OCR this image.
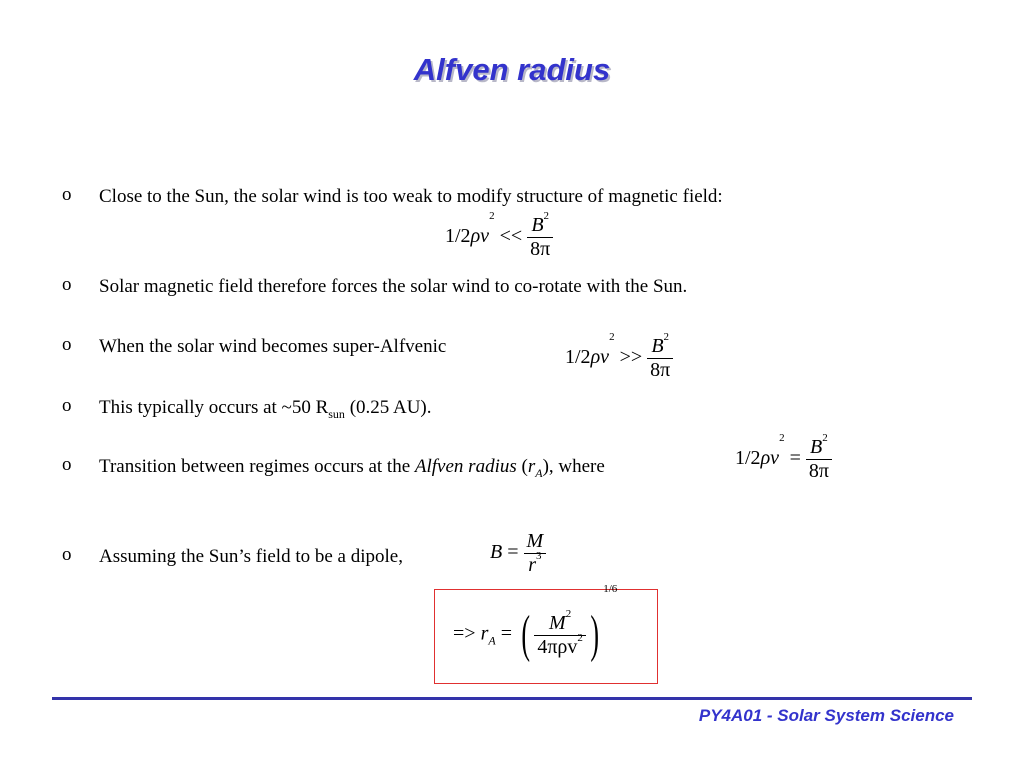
Alfven radius
o Close to the Sun, the solar wind is too weak to modify structure of magnetic field:
$1/2\rho v^2 << \frac{B^2}{8\pi}$
o Solar magnetic field therefore forces the solar wind to co-rotate with the Sun.
o When the solar wind becomes super-Alfvenic	$1/2\rho v^2 >> \frac{B^2}{8\pi}$
o This typically occurs at ~50 $R_{sun}$ (0.25 AU).
o Transition between regimes occurs at the Alfven radius $(r_A)$, where	$1/2\rho v^2 = \frac{B^2}{8\pi}$
o Assuming the Sun’s field to be a dipole,	$B = \frac{M}{r^3}$
=> $r_A$ = ( $\frac{M^2}{4\pi\rho v^2} )^{1/6}$
PY4A01 - Solar System Science
